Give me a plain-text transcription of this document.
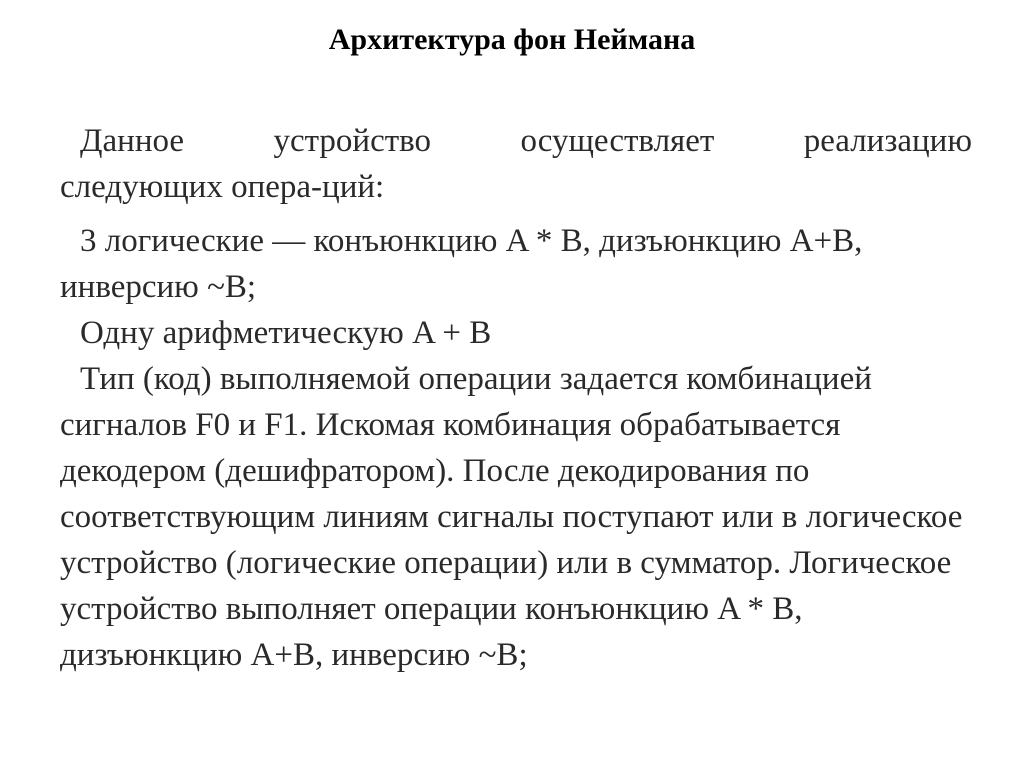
Архитектура фон Неймана
Данное	устройство	осуществляет	реализацию
следующих опера-ций:

3 логические — конъюнкцию A * B, дизъюнкцию A+B, инверсию ~B;

Одну арифметическую A + B

Тип (код) выполняемой операции задается комбинацией сигналов F0 и F1. Искомая комбинация обрабатывается декодером (дешифратором). После декодирования по соответствующим линиям сигналы поступают или в логическое устройство (логические операции) или в сумматор. Логическое устройство выполняет операции конъюнкцию A * B, дизъюнкцию A+B, инверсию ~B;
